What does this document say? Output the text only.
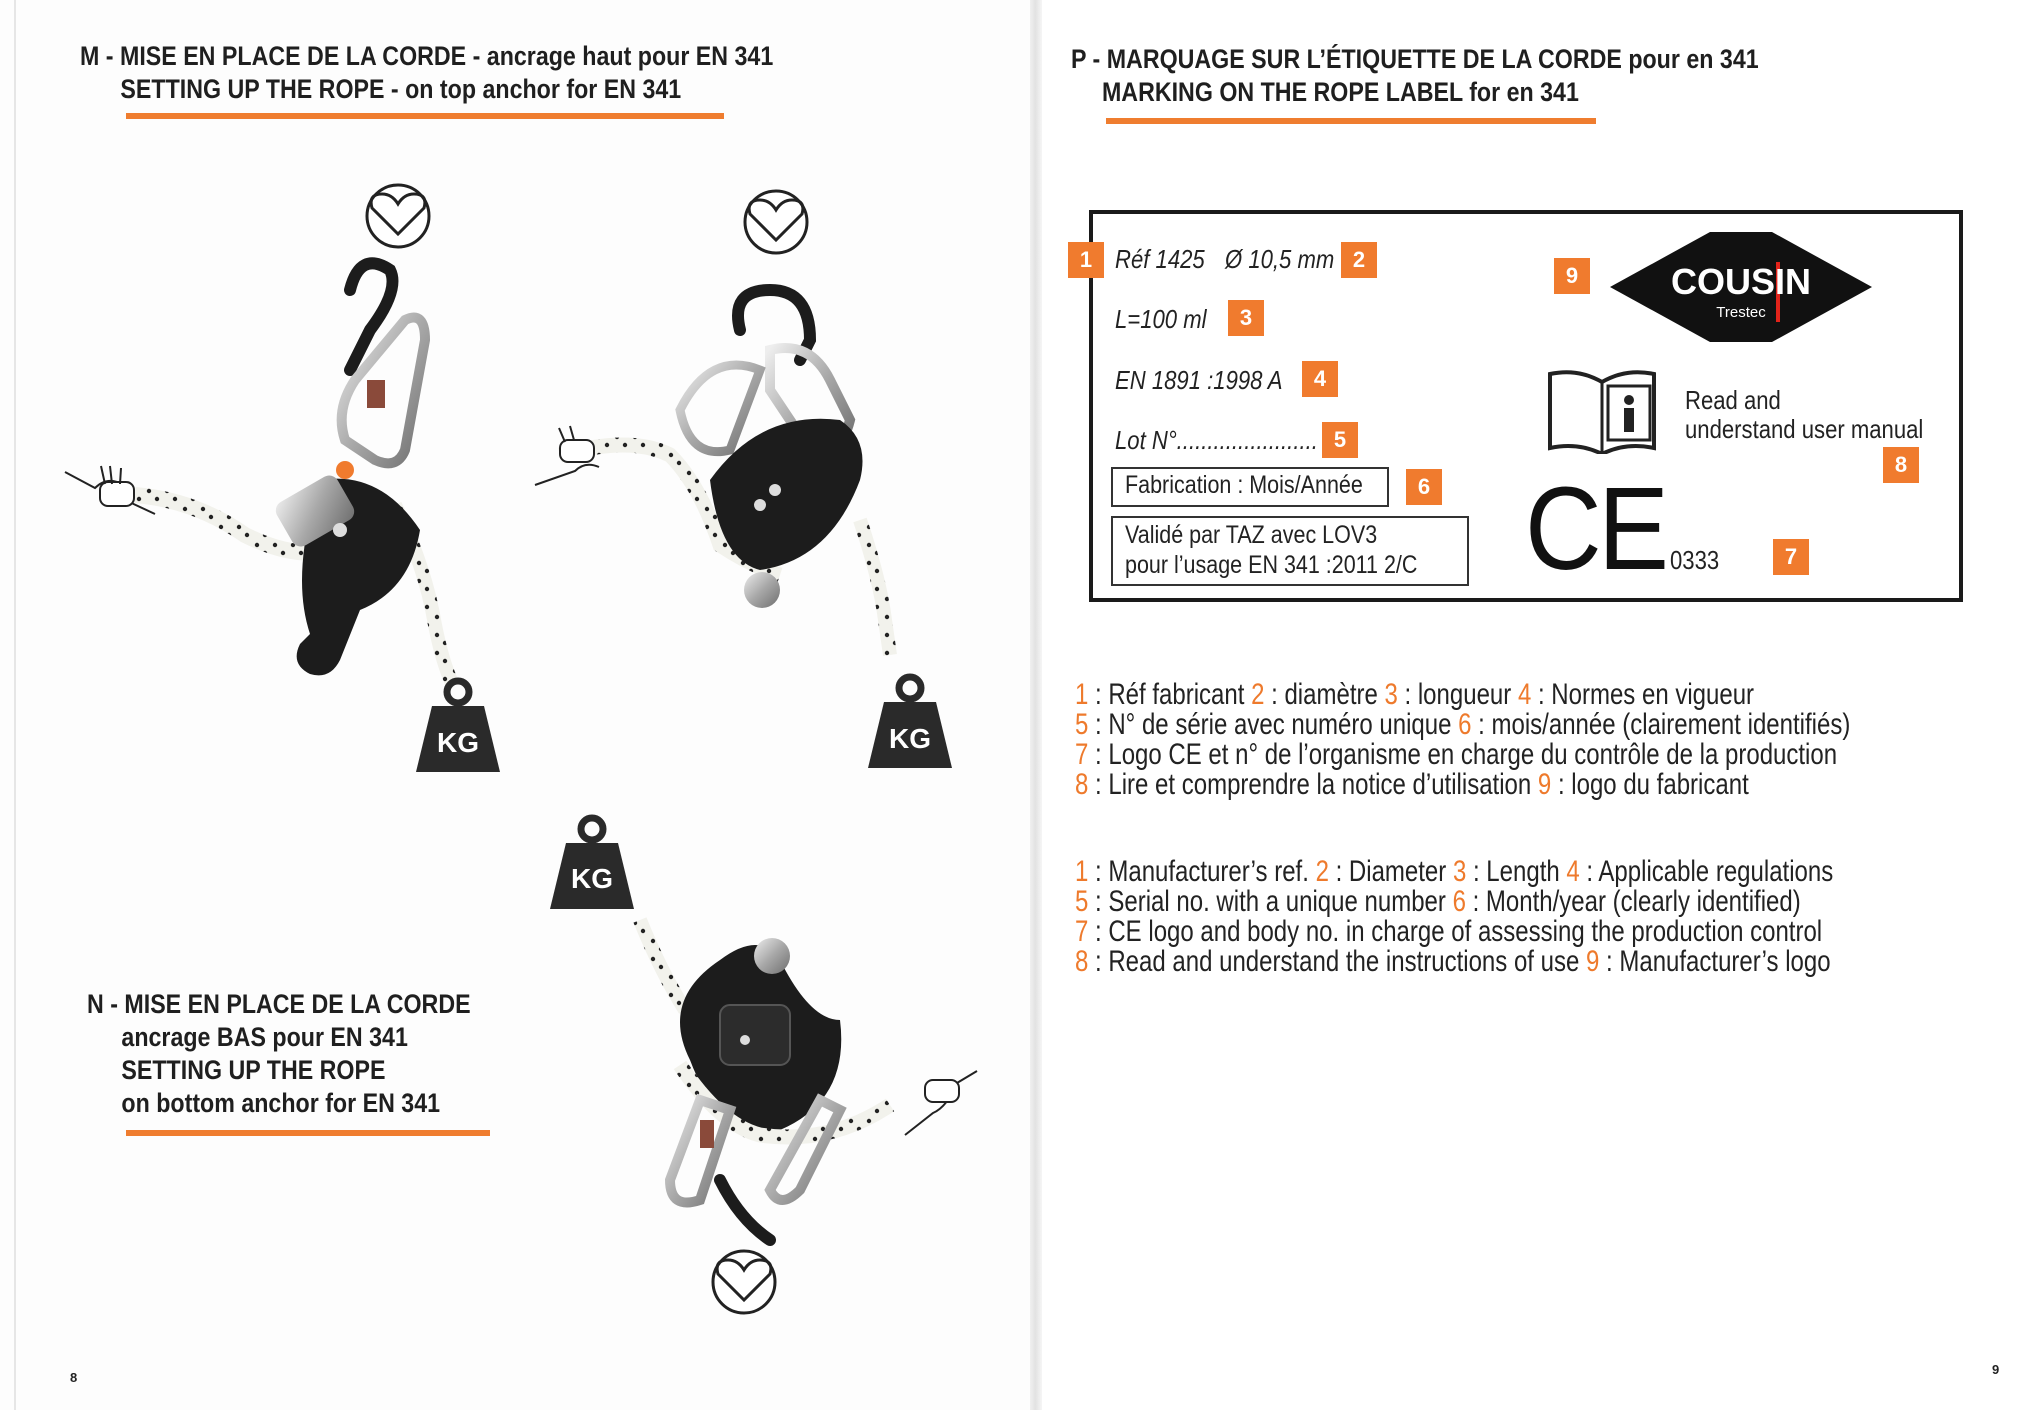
M - MISE EN PLACE DE LA CORDE - ancrage haut pour EN 341
SETTING UP THE ROPE - on top anchor for EN 341
N - MISE EN PLACE DE LA CORDE
ancrage BAS pour EN 341
SETTING UP THE ROPE
on bottom anchor for EN 341
KG	KG
KG
8
P - MARQUAGE SUR L’ÉTIQUETTE DE LA CORDE pour en 341
MARKING ON THE ROPE LABEL for en 341
1 Réf 1425 Ø 10,5 mm 2
L=100 ml	3
EN 1891 :1998 A	4
Lot N°....................... 5
Fabrication : Mois/Année	6
Validé par TAZ avec LOV3
pour l’usage EN 341 :2011 2/C
9	COUSIN
Trestec
Read and
understand user manual
8
CE 0333	7
1 : Réf fabricant 2 : diamètre 3 : longueur 4 : Normes en vigueur
5 : N° de série avec numéro unique 6 : mois/année (clairement identifiés)
7 : Logo CE et n° de l’organisme en charge du contrôle de la production
8 : Lire et comprendre la notice d’utilisation 9 : logo du fabricant
1 : Manufacturer’s ref. 2 : Diameter 3 : Length 4 : Applicable regulations
5 : Serial no. with a unique number 6 : Month/year (clearly identified)
7 : CE logo and body no. in charge of assessing the production control
8 : Read and understand the instructions of use 9 : Manufacturer’s logo
9
